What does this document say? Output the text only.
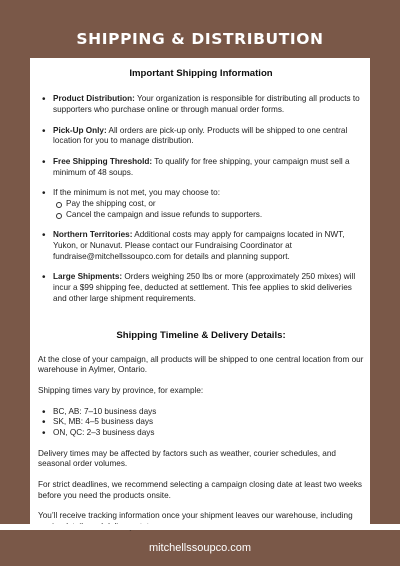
SHIPPING & DISTRIBUTION
Important Shipping Information
• Product Distribution: Your organization is responsible for distributing all products to supporters who purchase online or through manual order forms.
• Pick-Up Only: All orders are pick-up only. Products will be shipped to one central location for you to manage distribution.
• Free Shipping Threshold: To qualify for free shipping, your campaign must sell a minimum of 48 soups.
• If the minimum is not met, you may choose to:
Pay the shipping cost, or
Cancel the campaign and issue refunds to supporters.
• Northern Territories: Additional costs may apply for campaigns located in NWT, Yukon, or Nunavut. Please contact our Fundraising Coordinator at fundraise@mitchellssoupco.com for details and planning support.
• Large Shipments: Orders weighing 250 lbs or more (approximately 250 mixes) will incur a $99 shipping fee, deducted at settlement. This fee applies to skid deliveries and other large shipment requirements.
Shipping Timeline & Delivery Details:

At the close of your campaign, all products will be shipped to one central location from our warehouse in Aylmer, Ontario.

Shipping times vary by province, for example:

• BC, AB: 7–10 business days
• SK, MB: 4–5 business days
• ON, QC: 2–3 business days

Delivery times may be affected by factors such as weather, courier schedules, and seasonal order volumes.

For strict deadlines, we recommend selecting a campaign closing date at least two weeks before you need the products onsite.

You’ll receive tracking information once your shipment leaves our warehouse, including

mitchellssoupco.com
